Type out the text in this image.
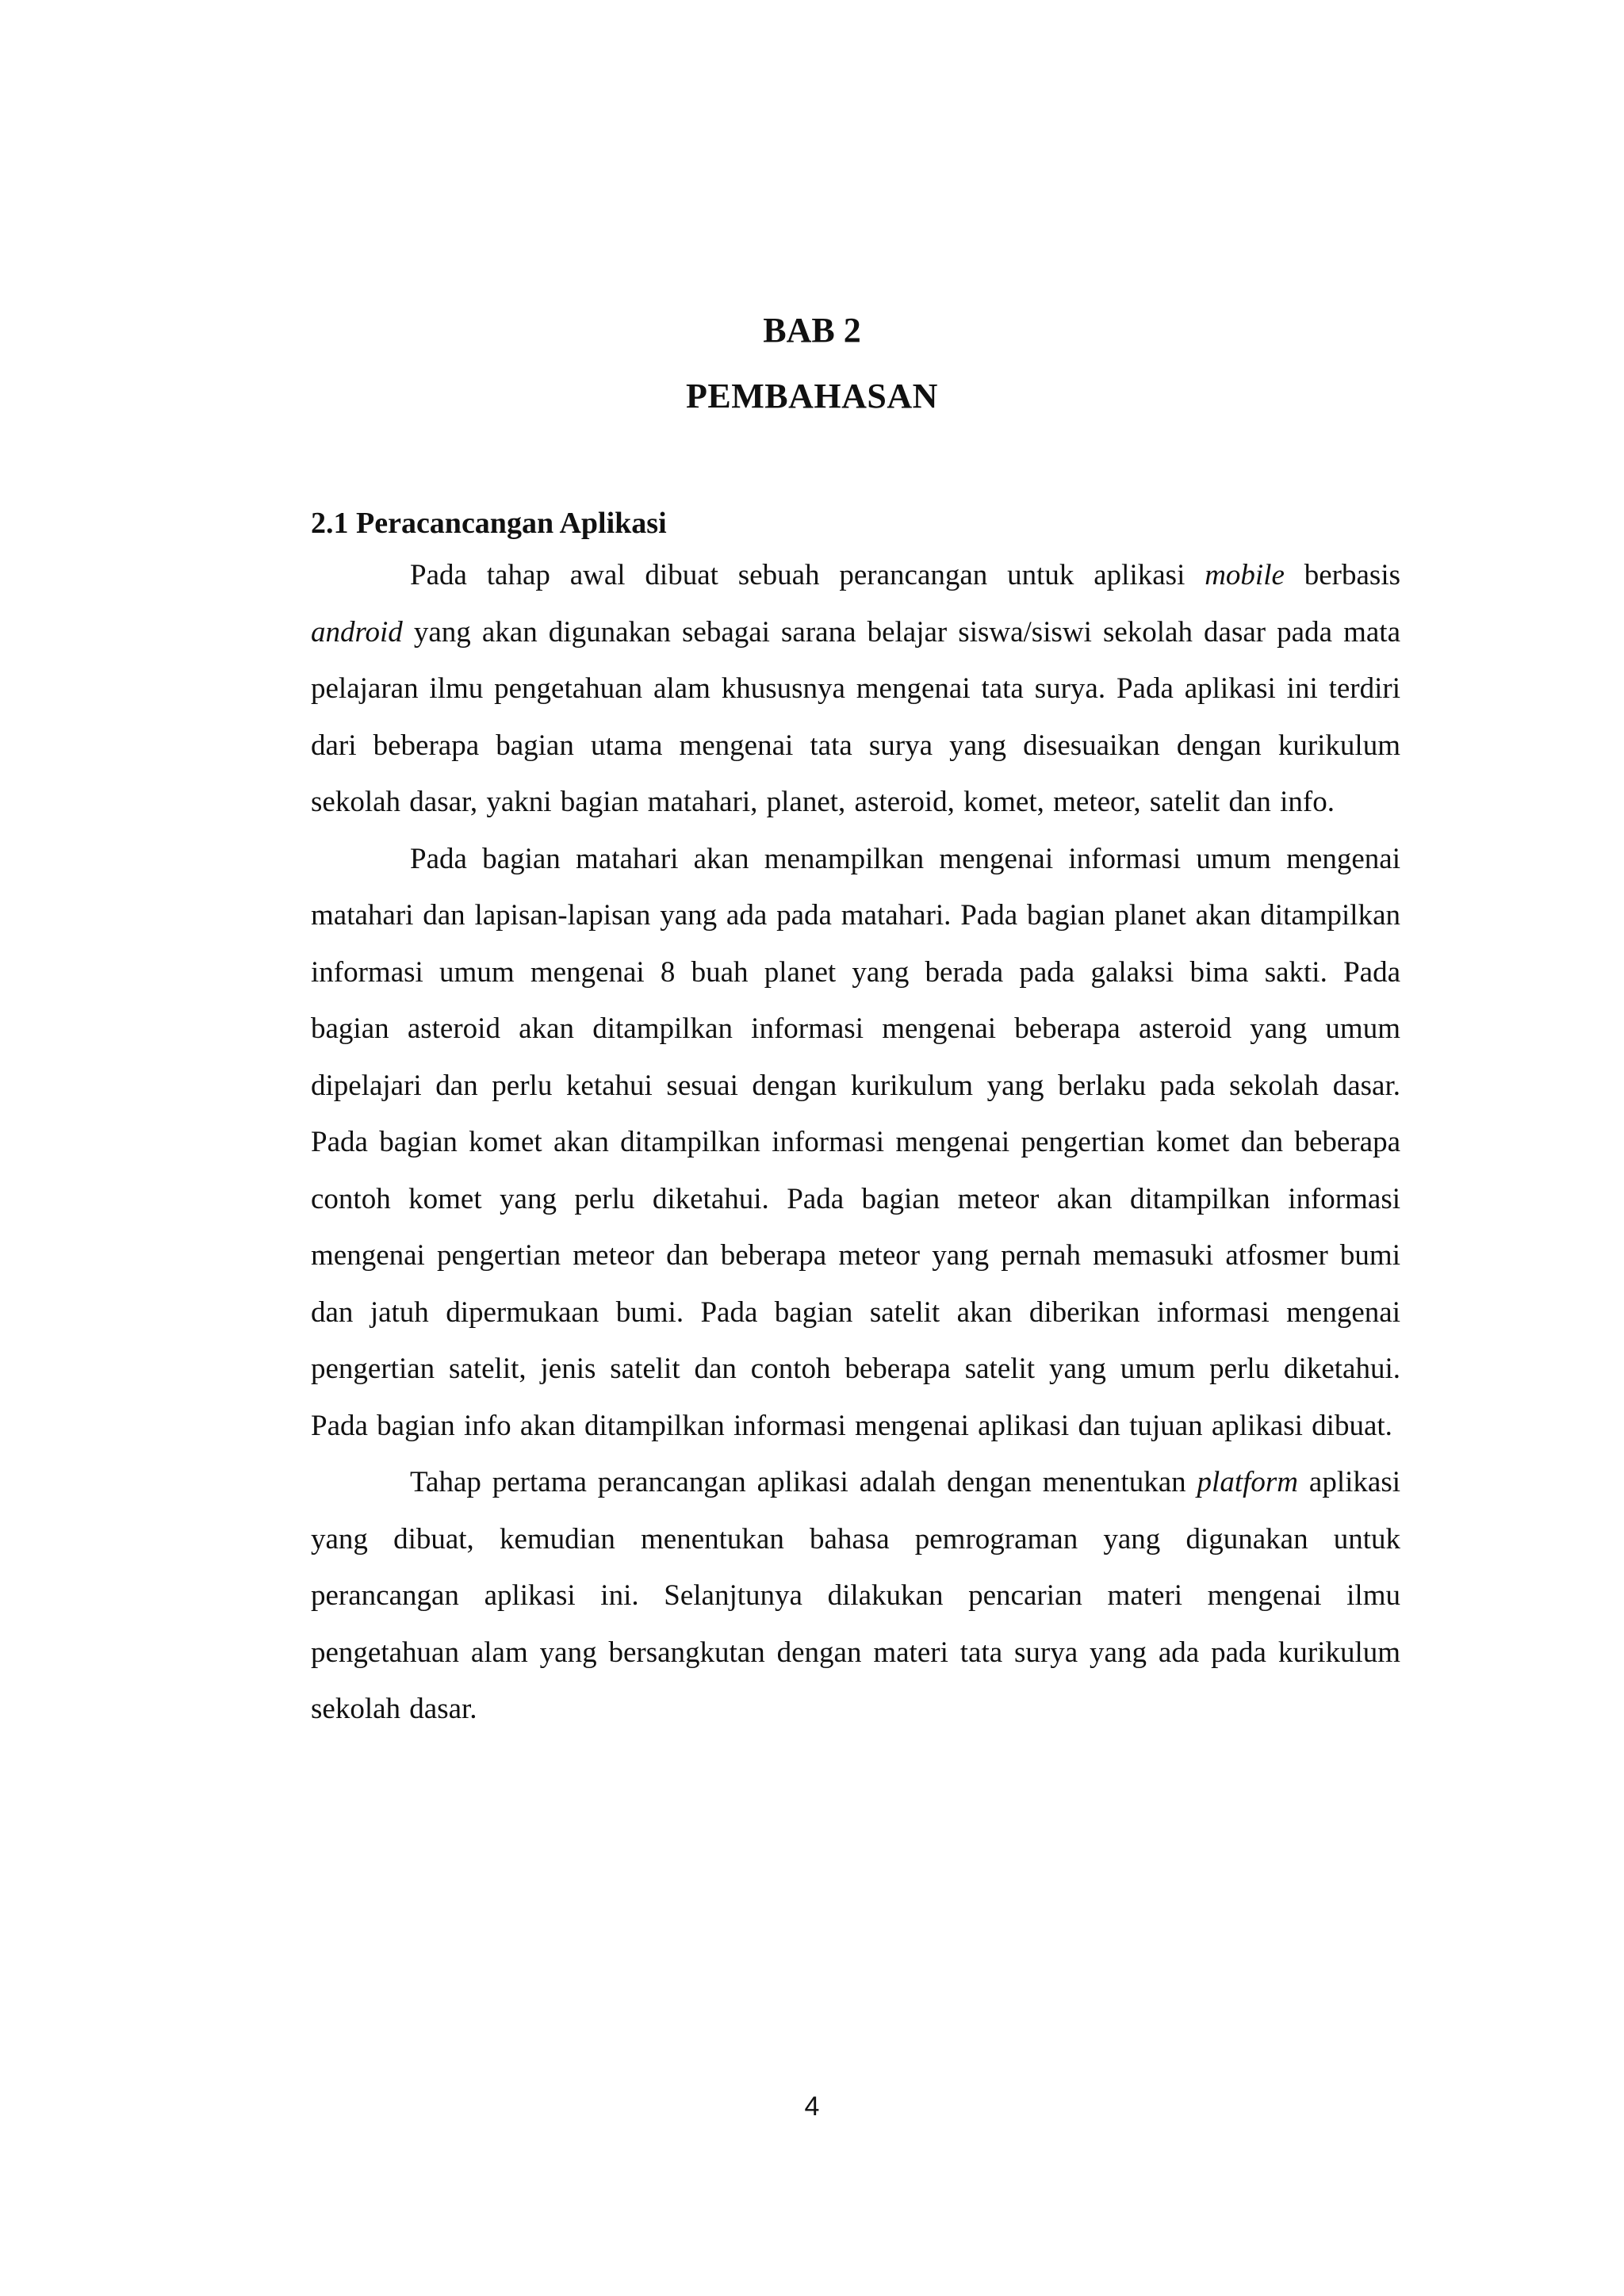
BAB 2
PEMBAHASAN
2.1 Peracancangan Aplikasi

Pada tahap awal dibuat sebuah perancangan untuk aplikasi mobile berbasis android yang akan digunakan sebagai sarana belajar siswa/siswi sekolah dasar pada mata pelajaran ilmu pengetahuan alam khususnya mengenai tata surya. Pada aplikasi ini terdiri dari beberapa bagian utama mengenai tata surya yang disesuaikan dengan kurikulum sekolah dasar, yakni bagian matahari, planet, asteroid, komet, meteor, satelit dan info.

Pada bagian matahari akan menampilkan mengenai informasi umum mengenai matahari dan lapisan-lapisan yang ada pada matahari. Pada bagian planet akan ditampilkan informasi umum mengenai 8 buah planet yang berada pada galaksi bima sakti. Pada bagian asteroid akan ditampilkan informasi mengenai beberapa asteroid yang umum dipelajari dan perlu ketahui sesuai dengan kurikulum yang berlaku pada sekolah dasar. Pada bagian komet akan ditampilkan informasi mengenai pengertian komet dan beberapa contoh komet yang perlu diketahui. Pada bagian meteor akan ditampilkan informasi mengenai pengertian meteor dan beberapa meteor yang pernah memasuki atfosmer bumi dan jatuh dipermukaan bumi. Pada bagian satelit akan diberikan informasi mengenai pengertian satelit, jenis satelit dan contoh beberapa satelit yang umum perlu diketahui. Pada bagian info akan ditampilkan informasi mengenai aplikasi dan tujuan aplikasi dibuat.

Tahap pertama perancangan aplikasi adalah dengan menentukan platform aplikasi yang dibuat, kemudian menentukan bahasa pemrograman yang digunakan untuk perancangan aplikasi ini. Selanjtunya dilakukan pencarian materi mengenai ilmu pengetahuan alam yang bersangkutan dengan materi tata surya yang ada pada kurikulum sekolah dasar.

4
